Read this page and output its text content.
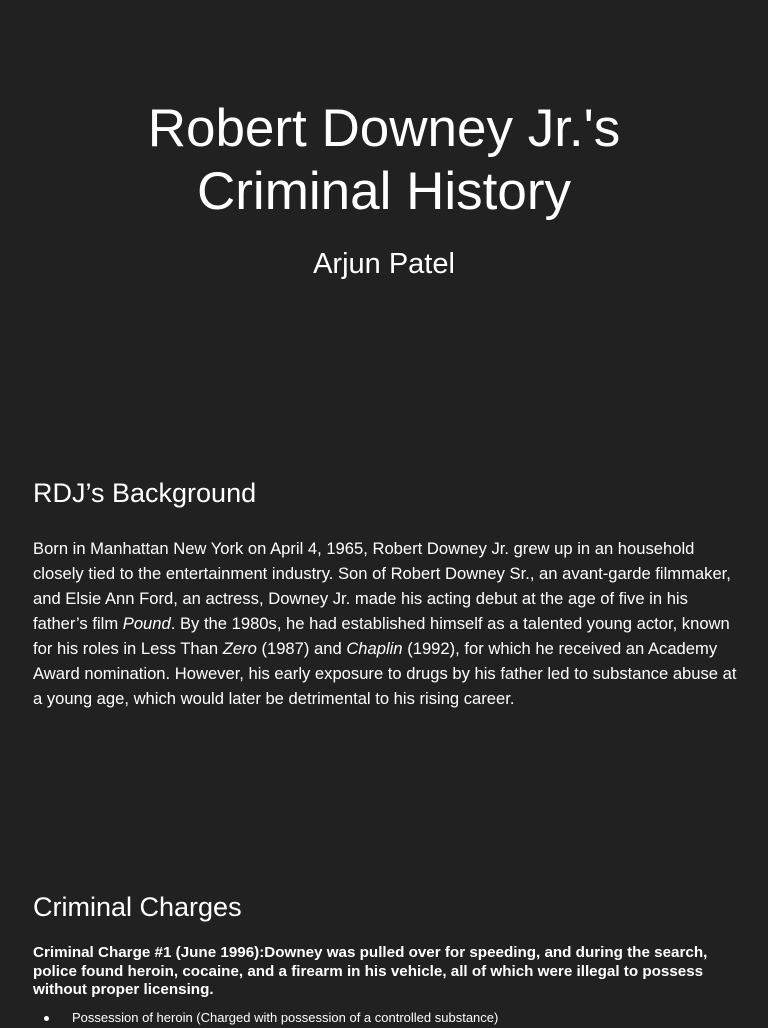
Robert Downey Jr.'s
Criminal History
Arjun Patel
RDJ’s Background

Born in Manhattan New York on April 4, 1965, Robert Downey Jr. grew up in an household closely tied to the entertainment industry. Son of Robert Downey Sr., an avant-garde filmmaker, and Elsie Ann Ford, an actress, Downey Jr. made his acting debut at the age of five in his father’s film Pound. By the 1980s, he had established himself as a talented young actor, known for his roles in Less Than Zero (1987) and Chaplin (1992), for which he received an Academy Award nomination. However, his early exposure to drugs by his father led to substance abuse at a young age, which would later be detrimental to his rising career.

Criminal Charges

Criminal Charge #1 (June 1996):Downey was pulled over for speeding, and during the search, police found heroin, cocaine, and a firearm in his vehicle, all of which were illegal to possess without proper licensing.

Possession of heroin (Charged with possession of a controlled substance)
